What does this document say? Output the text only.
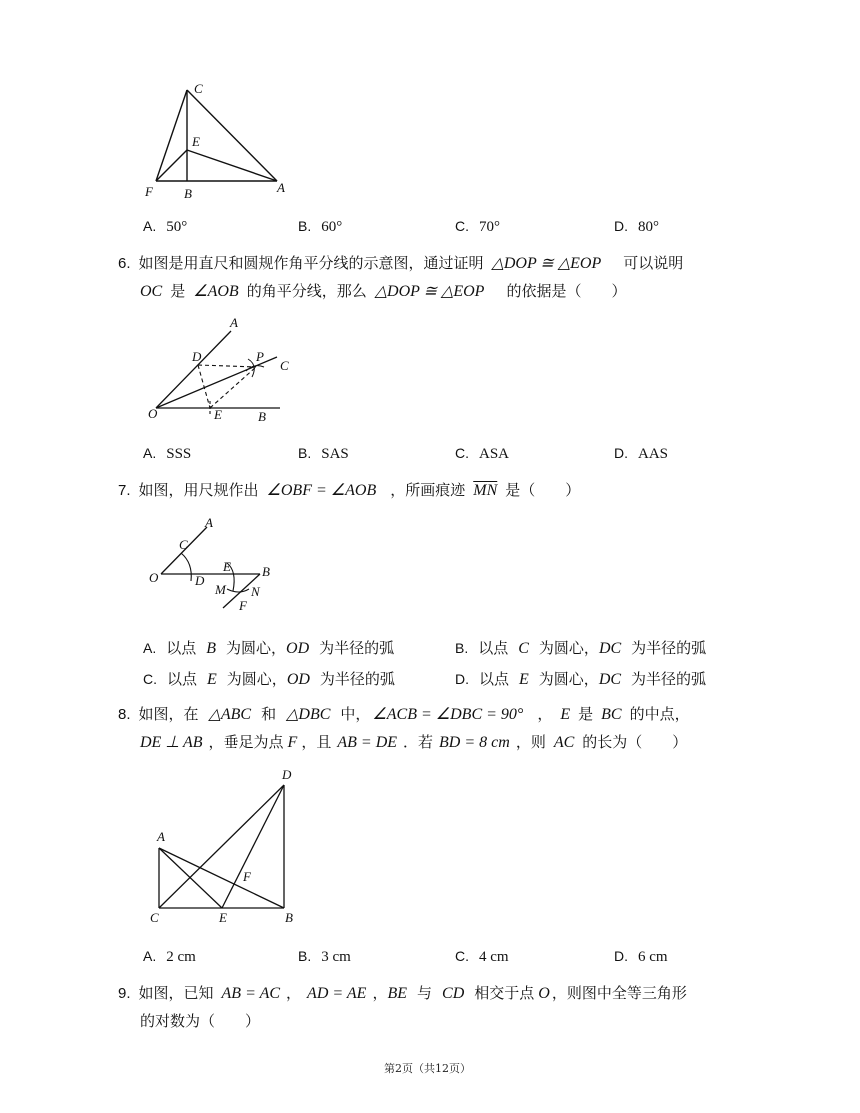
C
E
F B	A
A. 50°	B. 60°	C. 70°	D. 80°
6. 如图是用直尺和圆规作角平分线的示意图，通过证明 △DOP ≅ △EOP 可以说明
OC 是 ∠AOB 的角平分线，那么 △DOP ≅ △EOP 的依据是（　　）
A
D	P
C
O	E	B
A. SSS	B. SAS	C. ASA	D. AAS
7. 如图，用尺规作出 ∠OBF = ∠AOB ，所画痕迹 $\overline{MN}$ 是（　　）
A
C
O	D
E B
M N
F
A. 以点 B 为圆心， OD 为半径的弧	B. 以点 C 为圆心， DC 为半径的弧
C. 以点 E 为圆心， OD 为半径的弧	D. 以点 E 为圆心， DC 为半径的弧
8. 如图，在 △ABC 和 △DBC 中， ∠ACB = ∠DBC = 90° ， E 是 BC 的中点，
DE ⊥ AB ，垂足为点 F ，且 AB = DE ．若 BD = 8 cm ，则 AC 的长为（　　）
D
A
F
C	E	B
A. 2 cm	B. 3 cm	C. 4 cm	D. 6 cm
9. 如图，已知 AB = AC ， AD = AE ， BE 与 CD 相交于点 O ，则图中全等三角形
的对数为（　　）
第2页（共12页）
